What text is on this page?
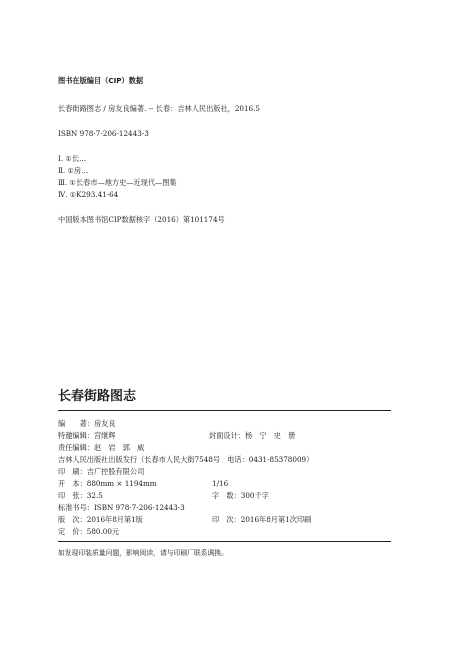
图书在版编目（CIP）数据
长春街路图志 / 房友良编著. -- 长春：吉林人民出版社，2016.5
ISBN 978-7-206-12443-3
Ⅰ. ①长…
Ⅱ. ①房…
Ⅲ. ①长春市—地方史—近现代—图集
Ⅳ. ①K293.41-64
中国版本图书馆CIP数据核字（2016）第101174号
长春街路图志
编　　著：房友良
特邀编辑：宫继辉	封面设计：杨　宁　史　册
责任编辑：赵　岩　郭　威
吉林人民出版社出版发行（长春市人民大街7548号　电话：0431-85378009）
印　刷：吉广控股有限公司
开　本：880mm × 1194mm	1/16
印　张：32.5	字　数：300千字
标准书号：ISBN 978-7-206-12443-3
版　次：2016年8月第1版	印　次：2016年8月第1次印刷
定　价：580.00元
如发现印装质量问题，影响阅读，请与印刷厂联系调换。
